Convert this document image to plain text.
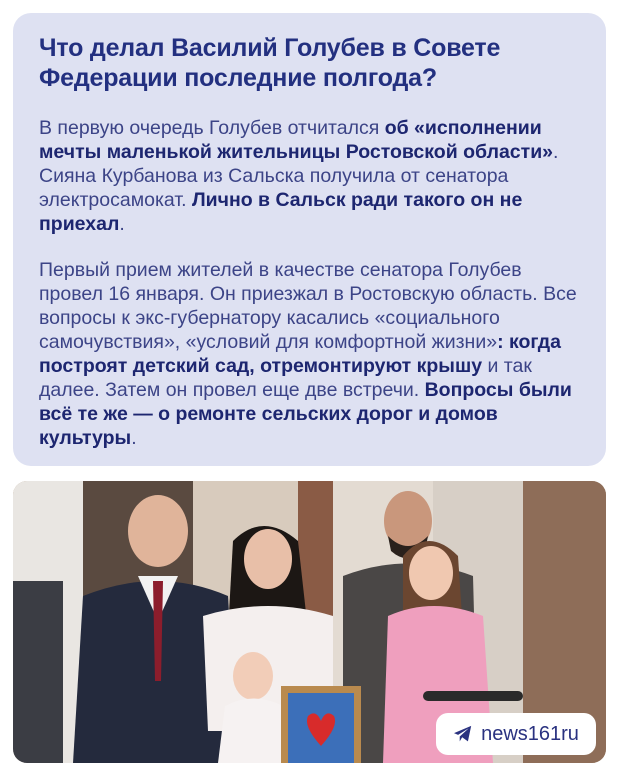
Что делал Василий Голубев в Совете
Федерации последние полгода?

В первую очередь Голубев отчитался об «исполнении мечты маленькой жительницы Ростовской области». Сияна Курбанова из Сальска получила от сенатора электросамокат. Лично в Сальск ради такого он не приехал.

Первый прием жителей в качестве сенатора Голубев провел 16 января. Он приезжал в Ростовскую область. Все вопросы к экс-губернатору касались «социального самочувствия», «условий для комфортной жизни»: когда построят детский сад, отремонтируют крышу и так далее. Затем он провел еще две встречи. Вопросы были всё те же — о ремонте сельских дорог и домов культуры.

news161ru
